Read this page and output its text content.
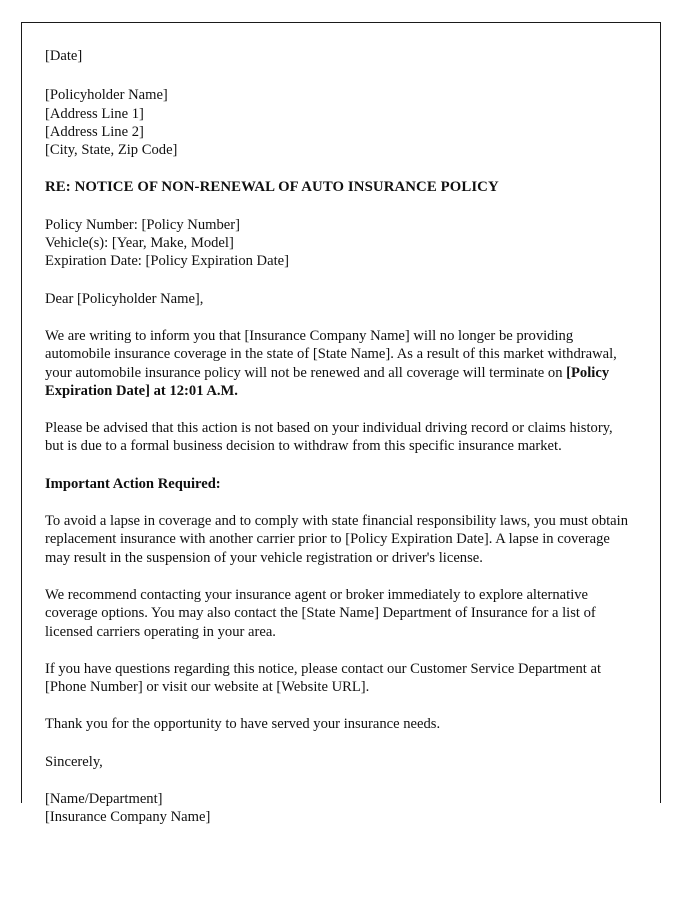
[Date]

[Policyholder Name]

[Address Line 1]

[Address Line 2]

[City, State, Zip Code]

RE: NOTICE OF NON-RENEWAL OF AUTO INSURANCE POLICY

Policy Number: [Policy Number]

Vehicle(s): [Year, Make, Model]

Expiration Date: [Policy Expiration Date]

Dear [Policyholder Name],

We are writing to inform you that [Insurance Company Name] will no longer be providing automobile insurance coverage in the state of [State Name]. As a result of this market withdrawal, your automobile insurance policy will not be renewed and all coverage will terminate on [Policy Expiration Date] at 12:01 A.M.

Please be advised that this action is not based on your individual driving record or claims history, but is due to a formal business decision to withdraw from this specific insurance market.

Important Action Required:

To avoid a lapse in coverage and to comply with state financial responsibility laws, you must obtain replacement insurance with another carrier prior to [Policy Expiration Date]. A lapse in coverage may result in the suspension of your vehicle registration or driver's license.

We recommend contacting your insurance agent or broker immediately to explore alternative coverage options. You may also contact the [State Name] Department of Insurance for a list of licensed carriers operating in your area.

If you have questions regarding this notice, please contact our Customer Service Department at [Phone Number] or visit our website at [Website URL].

Thank you for the opportunity to have served your insurance needs.

Sincerely,

[Name/Department]

[Insurance Company Name]
